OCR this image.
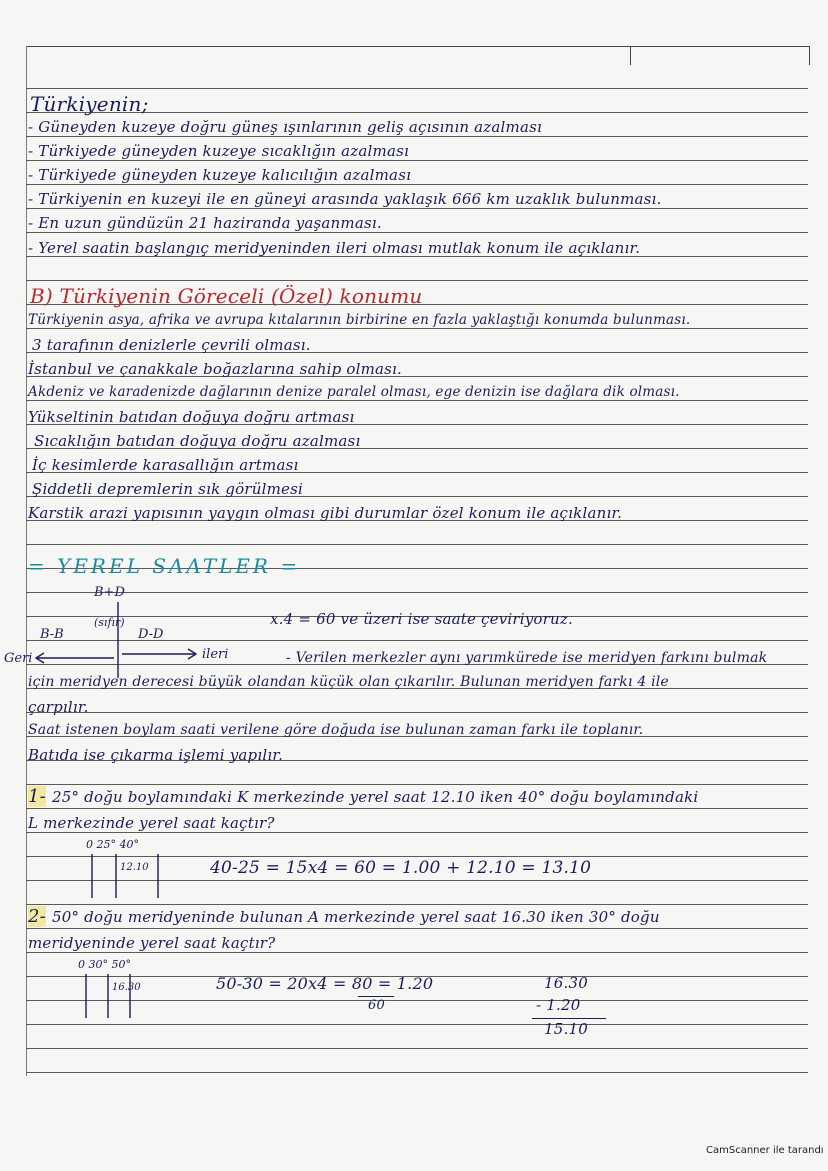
Türkiyenin;
- Güneyden kuzeye doğru güneş ışınlarının geliş açısının azalması
- Türkiyede güneyden kuzeye sıcaklığın azalması
- Türkiyede güneyden kuzeye kalıcılığın azalması
- Türkiyenin en kuzeyi ile en güneyi arasında yaklaşık 666 km uzaklık bulunması.
- En uzun gündüzün 21 haziranda yaşanması.
- Yerel saatin başlangıç meridyeninden ileri olması mutlak konum ile açıklanır.
B) Türkiyenin Göreceli (Özel) konumu
Türkiyenin asya, afrika ve avrupa kıtalarının birbirine en fazla yaklaştığı konumda bulunması.
3 tarafının denizlerle çevrili olması.
İstanbul ve çanakkale boğazlarına sahip olması.
Akdeniz ve karadenizde dağlarının denize paralel olması, ege denizin ise dağlara dik olması.
Yükseltinin batıdan doğuya doğru artması
Sıcaklığın batıdan doğuya doğru azalması
İç kesimlerde karasallığın artması
Şiddetli depremlerin sık görülmesi
Karstik arazi yapısının yaygın olması gibi durumlar özel konum ile açıklanır.
= YEREL SAATLER =
B+D
(sıfır)
B-B	D-D
Geri	ileri
x.4 = 60 ve üzeri ise saate çeviriyoruz.
- Verilen merkezler aynı yarımkürede ise meridyen farkını bulmak
için meridyen derecesi büyük olandan küçük olan çıkarılır. Bulunan meridyen farkı 4 ile
çarpılır.
Saat istenen boylam saati verilene göre doğuda ise bulunan zaman farkı ile toplanır.
Batıda ise çıkarma işlemi yapılır.
1- 25° doğu boylamındaki K merkezinde yerel saat 12.10 iken 40° doğu boylamındaki
L merkezinde yerel saat kaçtır?
0 25° 40°
12.10	40-25 = 15x4 = 60 = 1.00 + 12.10 = 13.10
2- 50° doğu meridyeninde bulunan A merkezinde yerel saat 16.30 iken 30° doğu
meridyeninde yerel saat kaçtır?
0 30° 50°
16.30	50-30 = 20x4 = 80 = 1.20
60
16.30
- 1.20
15.10
CamScanner ile tarandı
